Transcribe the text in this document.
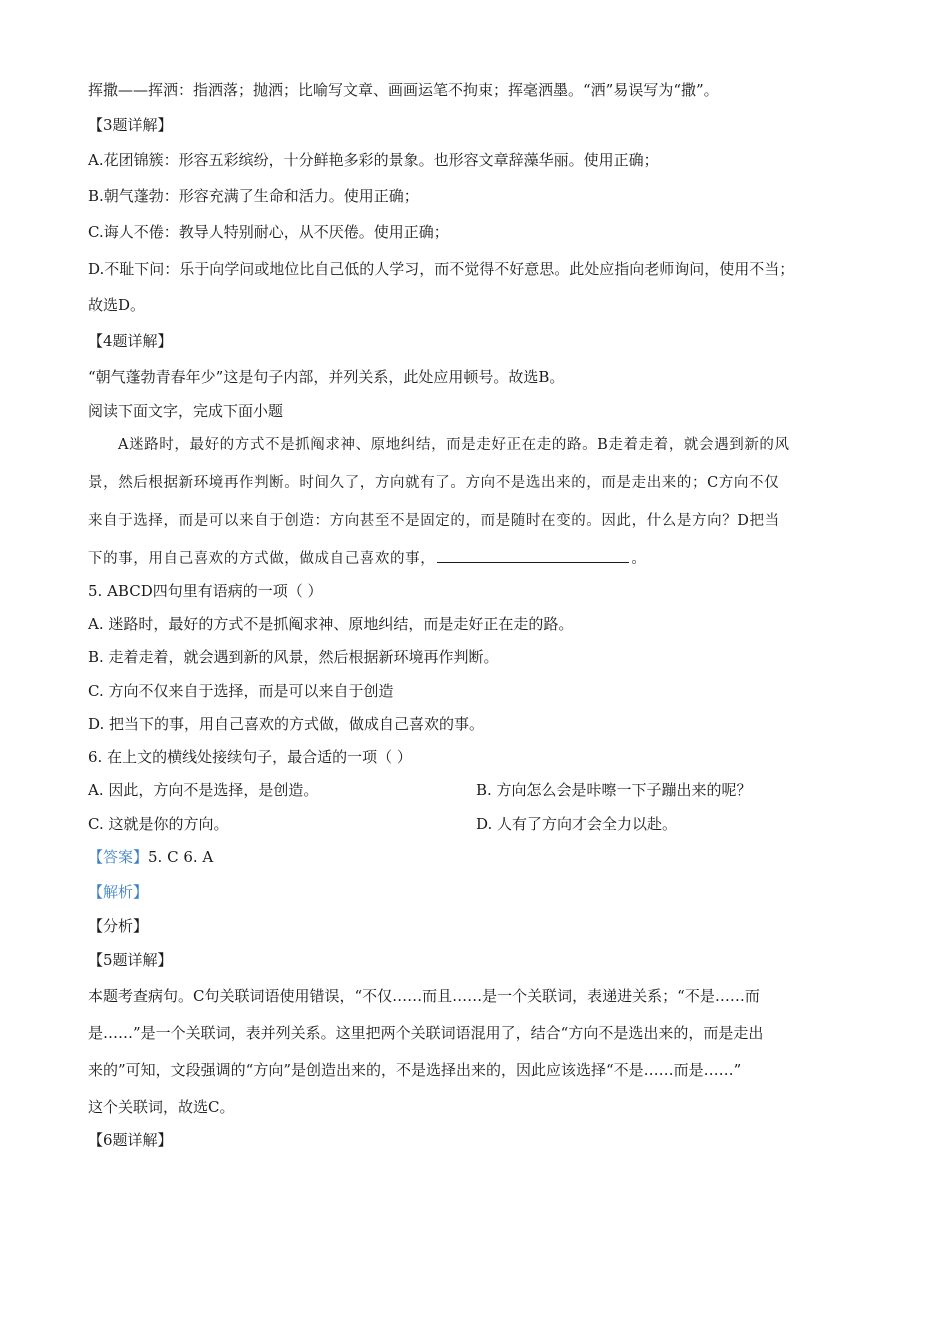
挥撒——挥洒：指洒落；抛洒；比喻写文章、画画运笔不拘束；挥毫洒墨。“洒”易误写为“撒”。
【3题详解】
A.花团锦簇：形容五彩缤纷，十分鲜艳多彩的景象。也形容文章辞藻华丽。使用正确；
B.朝气蓬勃：形容充满了生命和活力。使用正确；
C.诲人不倦：教导人特别耐心，从不厌倦。使用正确；
D.不耻下问：乐于向学问或地位比自己低的人学习，而不觉得不好意思。此处应指向老师询问，使用不当；
故选D。
【4题详解】
“朝气蓬勃青春年少”这是句子内部，并列关系，此处应用顿号。故选B。
阅读下面文字，完成下面小题
A迷路时，最好的方式不是抓阄求神、原地纠结，而是走好正在走的路。B走着走着，就会遇到新的风
景，然后根据新环境再作判断。时间久了，方向就有了。方向不是选出来的，而是走出来的；C方向不仅
来自于选择，而是可以来自于创造：方向甚至不是固定的，而是随时在变的。因此，什么是方向？D把当
下的事，用自己喜欢的方式做，做成自己喜欢的事，	。
5. ABCD四句里有语病的一项（ ）
A. 迷路时，最好的方式不是抓阄求神、原地纠结，而是走好正在走的路。
B. 走着走着，就会遇到新的风景，然后根据新环境再作判断。
C. 方向不仅来自于选择，而是可以来自于创造
D. 把当下的事，用自己喜欢的方式做，做成自己喜欢的事。
6. 在上文的横线处接续句子，最合适的一项（ ）
A. 因此，方向不是选择，是创造。	B. 方向怎么会是咔嚓一下子蹦出来的呢？
C. 这就是你的方向。	D. 人有了方向才会全力以赴。
【答案】5. C 6. A
【解析】
【分析】
【5题详解】
本题考查病句。C句关联词语使用错误，“不仅……而且……是一个关联词，表递进关系；“不是……而
是……”是一个关联词，表并列关系。这里把两个关联词语混用了，结合“方向不是选出来的，而是走出
来的”可知，文段强调的“方向”是创造出来的，不是选择出来的，因此应该选择“不是……而是……”
这个关联词，故选C。
【6题详解】
